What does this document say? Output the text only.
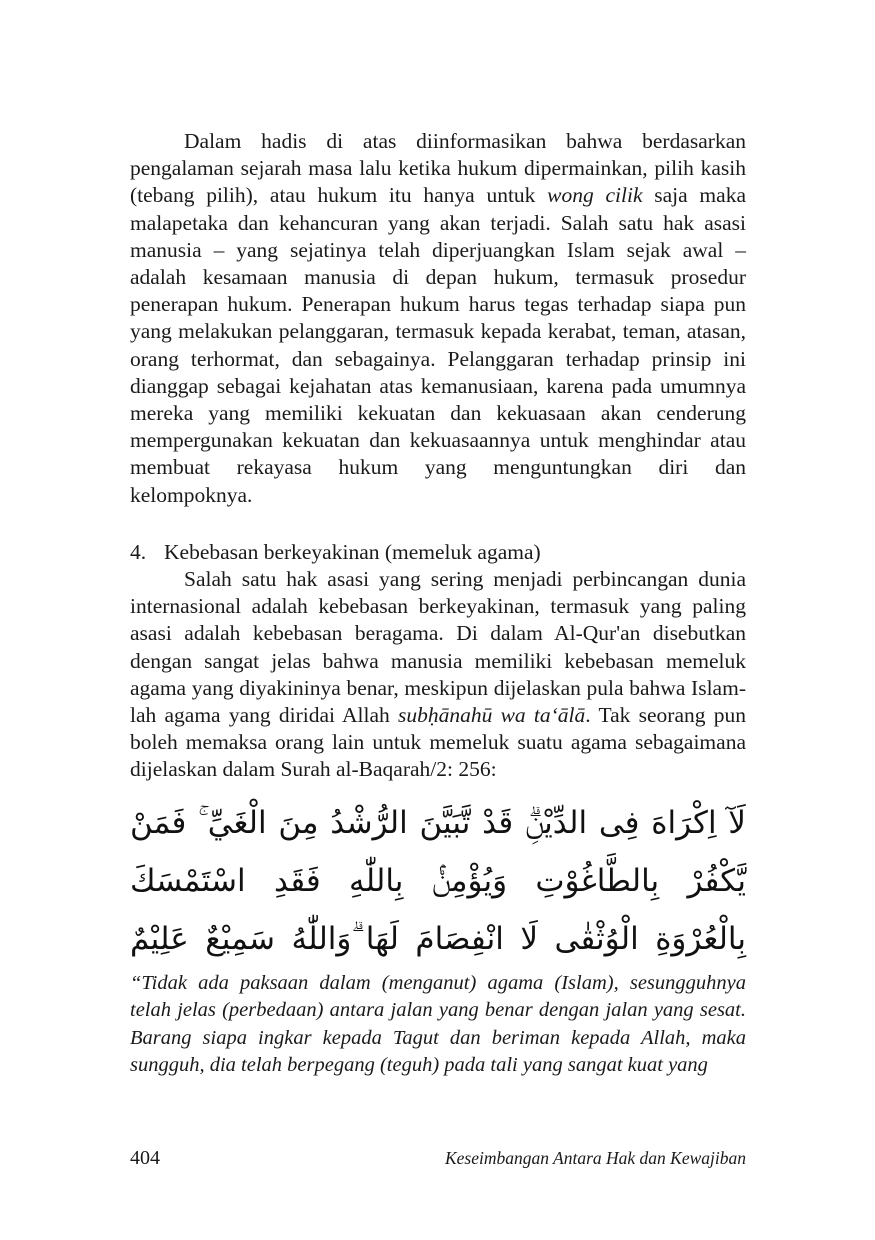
Dalam hadis di atas diinformasikan bahwa berdasarkan pengalaman sejarah masa lalu ketika hukum dipermainkan, pilih kasih (tebang pilih), atau hukum itu hanya untuk wong cilik saja maka malapetaka dan kehancuran yang akan terjadi. Salah satu hak asasi manusia – yang sejatinya telah diperjuangkan Islam sejak awal – adalah kesamaan manusia di depan hukum, termasuk prosedur penerapan hukum. Penerapan hukum harus tegas terhadap siapa pun yang melakukan pelanggaran, termasuk kepada kerabat, teman, atasan, orang terhormat, dan sebagainya. Pelanggaran terhadap prinsip ini dianggap sebagai kejahatan atas kemanusiaan, karena pada umumnya mereka yang memiliki kekuatan dan kekuasaan akan cenderung mempergunakan kekuatan dan kekuasaannya untuk menghindar atau membuat rekayasa hukum yang menguntungkan diri dan kelompoknya.

4. Kebebasan berkeyakinan (memeluk agama)

Salah satu hak asasi yang sering menjadi perbincangan dunia internasional adalah kebebasan berkeyakinan, termasuk yang paling asasi adalah kebebasan beragama. Di dalam Al-Qur'an disebutkan dengan sangat jelas bahwa manusia memiliki kebebasan memeluk agama yang diyakininya benar, meskipun dijelaskan pula bahwa Islam-lah agama yang diridai Allah subḥānahū wa ta‘ālā. Tak seorang pun boleh memaksa orang lain untuk memeluk suatu agama sebagaimana dijelaskan dalam Surah al-Baqarah/2: 256:

لَآ اِكْرَاهَ فِى الدِّيْنِۗ قَدْ تَّبَيَّنَ الرُّشْدُ مِنَ الْغَيِّ ۚ فَمَنْ يَّكْفُرْ بِالطَّاغُوْتِ وَيُؤْمِنْۢ بِاللّٰهِ فَقَدِ اسْتَمْسَكَ بِالْعُرْوَةِ الْوُثْقٰى لَا انْفِصَامَ لَهَا ۗوَاللّٰهُ سَمِيْعٌ عَلِيْمٌ

“Tidak ada paksaan dalam (menganut) agama (Islam), sesungguhnya telah jelas (perbedaan) antara jalan yang benar dengan jalan yang sesat. Barang siapa ingkar kepada Tagut dan beriman kepada Allah, maka sungguh, dia telah berpegang (teguh) pada tali yang sangat kuat yang

404	Keseimbangan Antara Hak dan Kewajiban
